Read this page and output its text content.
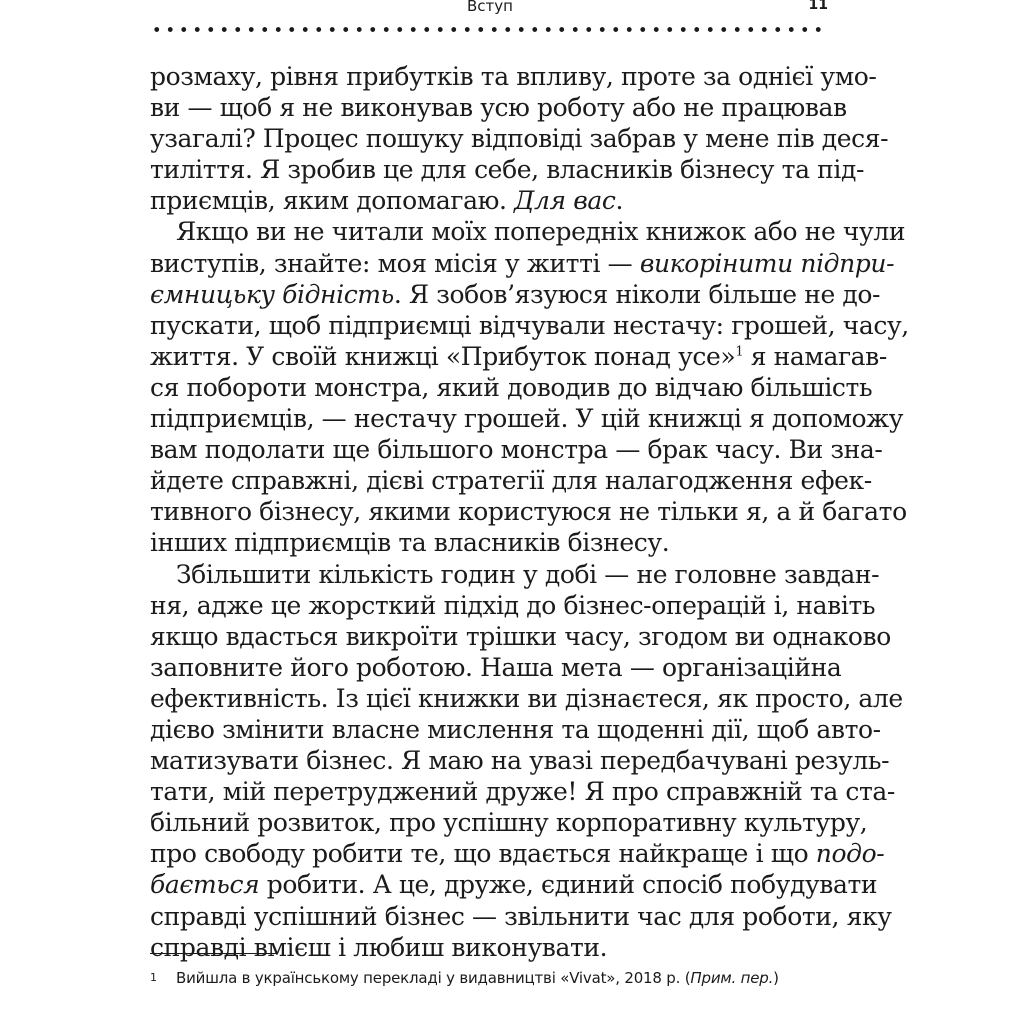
Вступ	11
розмаху, рівня прибутків та впливу, проте за однієї умо-
ви — щоб я не виконував усю роботу або не працював
узагалі? Процес пошуку відповіді забрав у мене пів деся-
тиліття. Я зробив це для себе, власників бізнесу та під-
приємців, яким допомагаю. Для вас.
Якщо ви не читали моїх попередніх книжок або не чули
виступів, знайте: моя місія у житті — викорінити підпри-
ємницьку бідність. Я зобов’язуюся ніколи більше не до-
пускати, щоб підприємці відчували нестачу: грошей, часу,
життя. У своїй книжці «Прибуток понад усе»$^1$ я намагав-
ся побороти монстра, який доводив до відчаю більшість
підприємців, — нестачу грошей. У цій книжці я допоможу
вам подолати ще більшого монстра — брак часу. Ви зна-
йдете справжні, дієві стратегії для налагодження ефек-
тивного бізнесу, якими користуюся не тільки я, а й багато
інших підприємців та власників бізнесу.
Збільшити кількість годин у добі — не головне завдан-
ня, адже це жорсткий підхід до бізнес-операцій і, навіть
якщо вдасться викроїти трішки часу, згодом ви однаково
заповните його роботою. Наша мета — організаційна
ефективність. Із цієї книжки ви дізнаєтеся, як просто, але
дієво змінити власне мислення та щоденні дії, щоб авто-
матизувати бізнес. Я маю на увазі передбачувані резуль-
тати, мій перетруджений друже! Я про справжній та ста-
більний розвиток, про успішну корпоративну культуру,
про свободу робити те, що вдається найкраще і що подо-
бається робити. А це, друже, єдиний спосіб побудувати
справді успішний бізнес — звільнити час для роботи, яку
справді вмієш і любиш виконувати.
1 Вийшла в українському перекладі у видавництві «Vivat», 2018 р. (Прим. пер.)
